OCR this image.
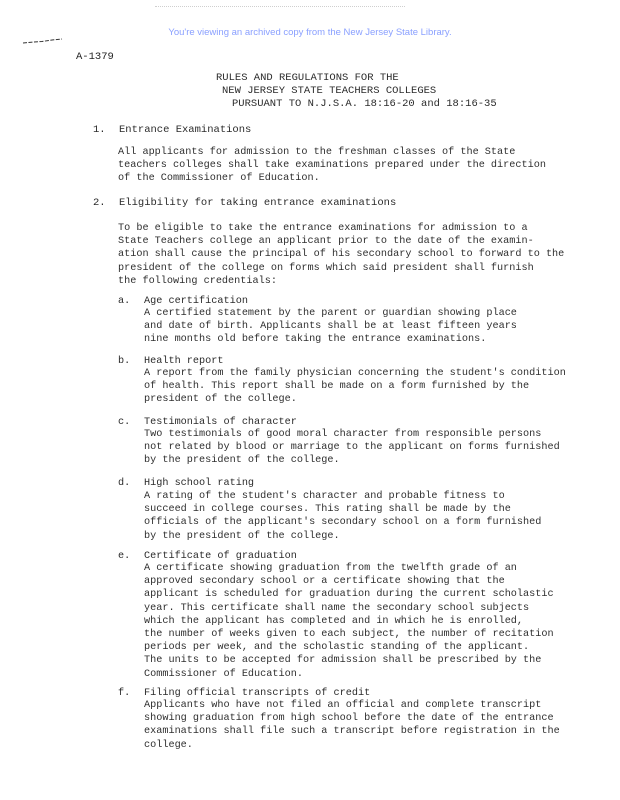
You're viewing an archived copy from the New Jersey State Library.
A-1379
RULES AND REGULATIONS FOR THE
NEW JERSEY STATE TEACHERS COLLEGES
PURSUANT TO N.J.S.A. 18:16-20 and 18:16-35
1. Entrance Examinations
All applicants for admission to the freshman classes of the State
teachers colleges shall take examinations prepared under the direction
of the Commissioner of Education.
2. Eligibility for taking entrance examinations
To be eligible to take the entrance examinations for admission to a
State Teachers college an applicant prior to the date of the examin-
ation shall cause the principal of his secondary school to forward to the
president of the college on forms which said president shall furnish
the following credentials:
a. Age certification
A certified statement by the parent or guardian showing place
and date of birth. Applicants shall be at least fifteen years
nine months old before taking the entrance examinations.
b. Health report
A report from the family physician concerning the student's condition
of health. This report shall be made on a form furnished by the
president of the college.
c. Testimonials of character
Two testimonials of good moral character from responsible persons
not related by blood or marriage to the applicant on forms furnished
by the president of the college.
d. High school rating
A rating of the student's character and probable fitness to
succeed in college courses. This rating shall be made by the
officials of the applicant's secondary school on a form furnished
by the president of the college.
e. Certificate of graduation
A certificate showing graduation from the twelfth grade of an
approved secondary school or a certificate showing that the
applicant is scheduled for graduation during the current scholastic
year. This certificate shall name the secondary school subjects
which the applicant has completed and in which he is enrolled,
the number of weeks given to each subject, the number of recitation
periods per week, and the scholastic standing of the applicant.
The units to be accepted for admission shall be prescribed by the
Commissioner of Education.
f. Filing official transcripts of credit
Applicants who have not filed an official and complete transcript
showing graduation from high school before the date of the entrance
examinations shall file such a transcript before registration in the
college.
